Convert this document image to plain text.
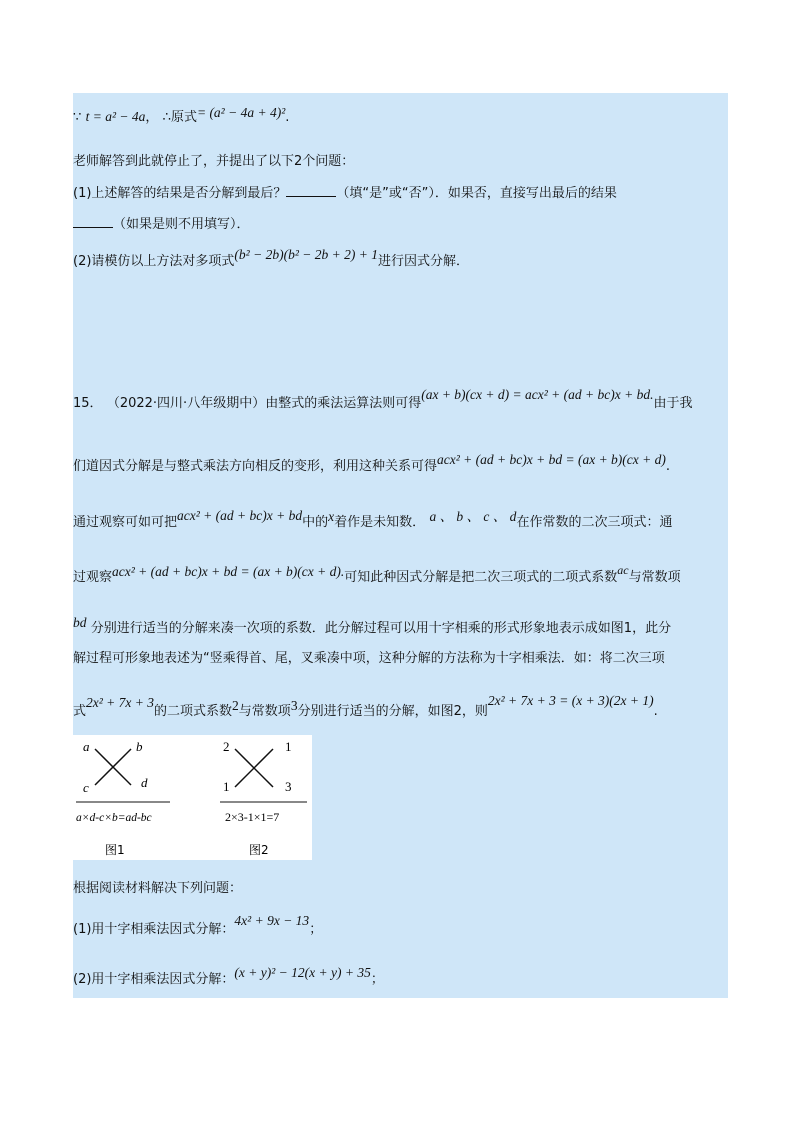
∵ t = a² − 4a， ∴原式= (a² − 4a + 4)².
老师解答到此就停止了，并提出了以下2个问题：
(1)上述解答的结果是否分解到最后？	（填“是”或“否”）．如果否，直接写出最后的结果
（如果是则不用填写）．
(2)请模仿以上方法对多项式(b² − 2b)(b² − 2b + 2) + 1进行因式分解．
15． （2022·四川·八年级期中）由整式的乘法运算法则可得(ax + b)(cx + d) = acx² + (ad + bc)x + bd.由于我
们道因式分解是与整式乘法方向相反的变形，利用这种关系可得acx² + (ad + bc)x + bd = (ax + b)(cx + d).
通过观察可如可把acx² + (ad + bc)x + bd中的x着作是未知数． a 、 b 、 c 、 d在作常数的二次三项式：通
过观察acx² + (ad + bc)x + bd = (ax + b)(cx + d).可知此种因式分解是把二次三项式的二项式系数ac与常数项
bd 分别进行适当的分解来凑一次项的系数．此分解过程可以用十字相乘的形式形象地表示成如图1，此分
解过程可形象地表述为“竖乘得首、尾，叉乘凑中项，这种分解的方法称为十字相乘法．如：将二次三项
式2x² + 7x + 3的二项式系数2与常数项3分别进行适当的分解，如图2，则2x² + 7x + 3 = (x + 3)(2x + 1).
a	b
c	d
a×d-c×b=ad-bc
图1
2	1
1	3
2×3-1×1=7
图2
根据阅读材料解决下列问题：
(1)用十字相乘法因式分解：4x² + 9x − 13；
(2)用十字相乘法因式分解：(x + y)² − 12(x + y) + 35；
